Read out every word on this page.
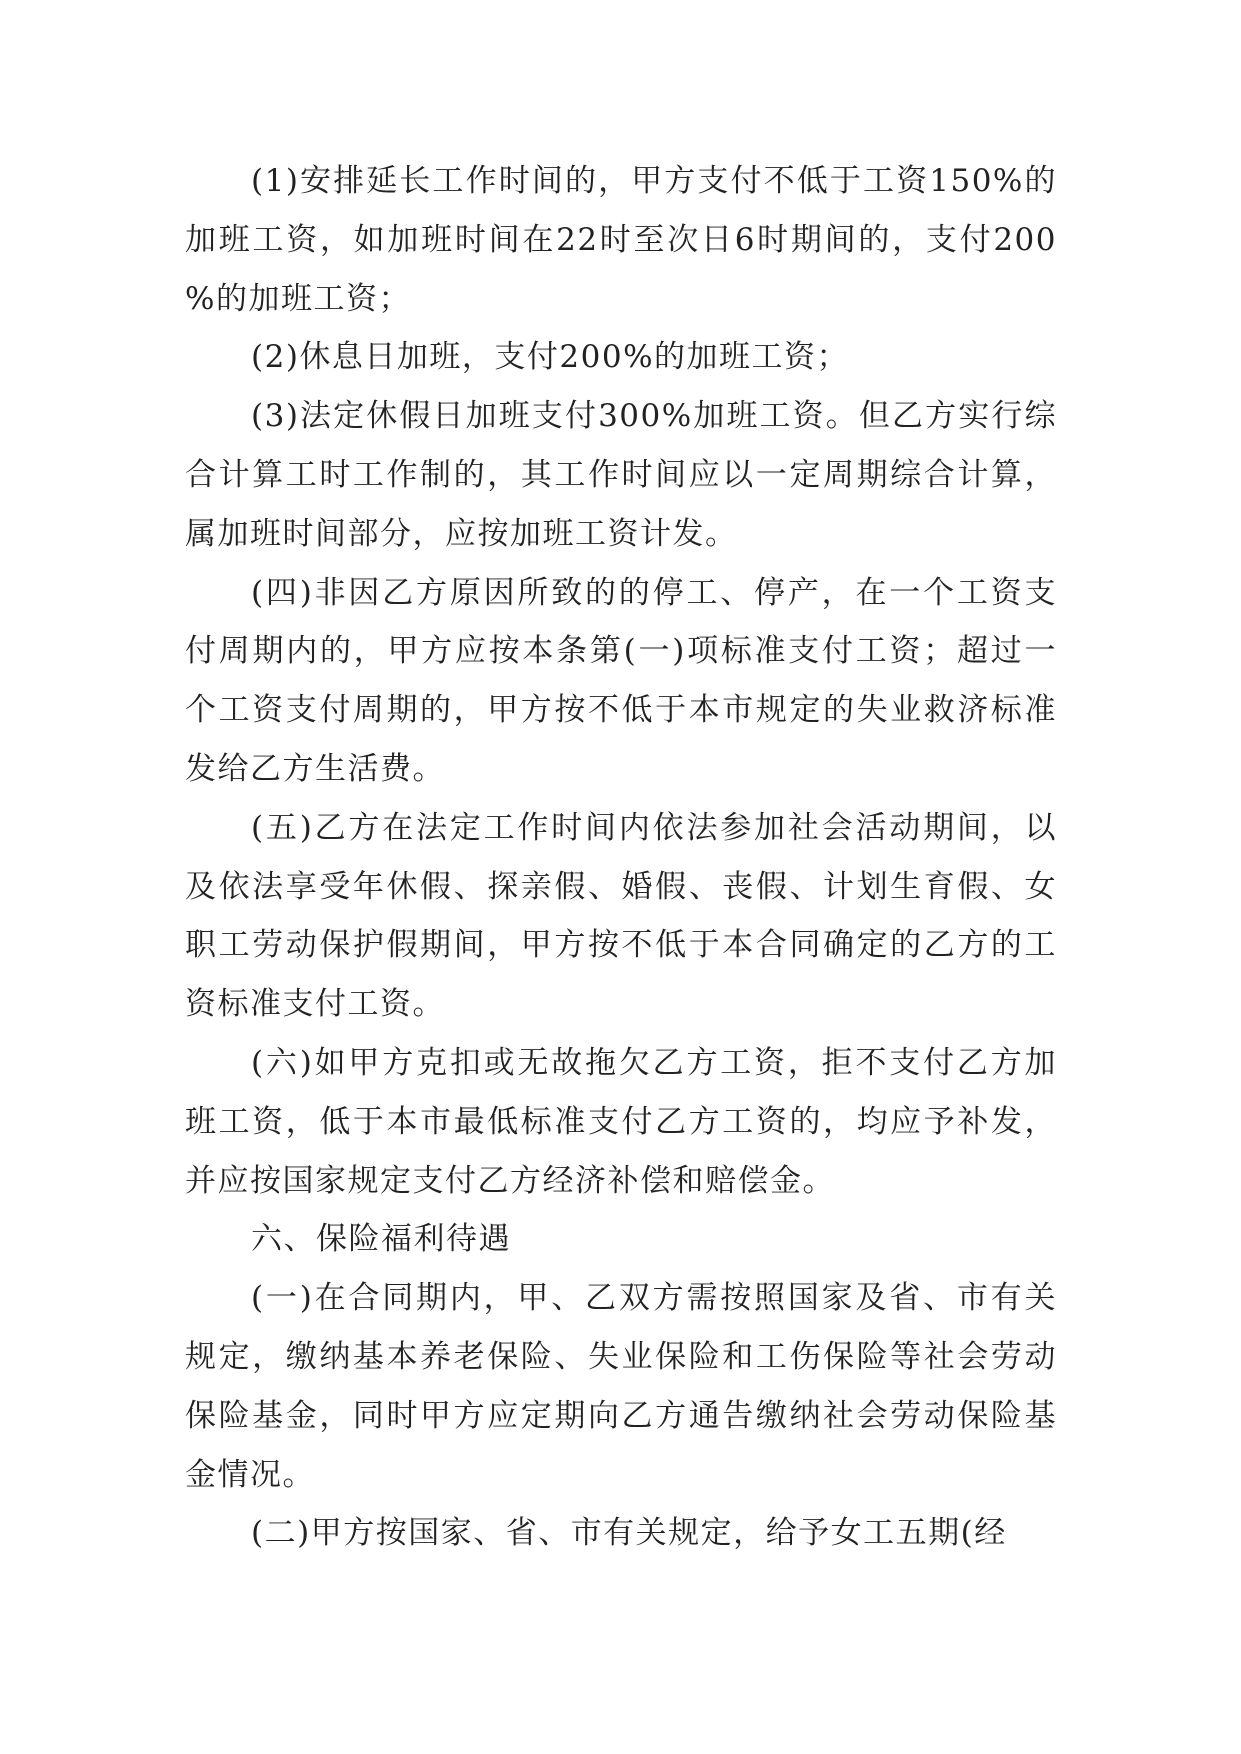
(1)安排延长工作时间的，甲方支付不低于工资150%的加班工资，如加班时间在22时至次日6时期间的，支付200%的加班工资；

(2)休息日加班，支付200%的加班工资；

(3)法定休假日加班支付300%加班工资。但乙方实行综合计算工时工作制的，其工作时间应以一定周期综合计算，属加班时间部分，应按加班工资计发。

(四)非因乙方原因所致的的停工、停产，在一个工资支付周期内的，甲方应按本条第(一)项标准支付工资；超过一个工资支付周期的，甲方按不低于本市规定的失业救济标准发给乙方生活费。

(五)乙方在法定工作时间内依法参加社会活动期间，以及依法享受年休假、探亲假、婚假、丧假、计划生育假、女职工劳动保护假期间，甲方按不低于本合同确定的乙方的工资标准支付工资。

(六)如甲方克扣或无故拖欠乙方工资，拒不支付乙方加班工资，低于本市最低标准支付乙方工资的，均应予补发，并应按国家规定支付乙方经济补偿和赔偿金。

六、保险福利待遇

(一)在合同期内，甲、乙双方需按照国家及省、市有关规定，缴纳基本养老保险、失业保险和工伤保险等社会劳动保险基金，同时甲方应定期向乙方通告缴纳社会劳动保险基金情况。

(二)甲方按国家、省、市有关规定，给予女工五期(经
